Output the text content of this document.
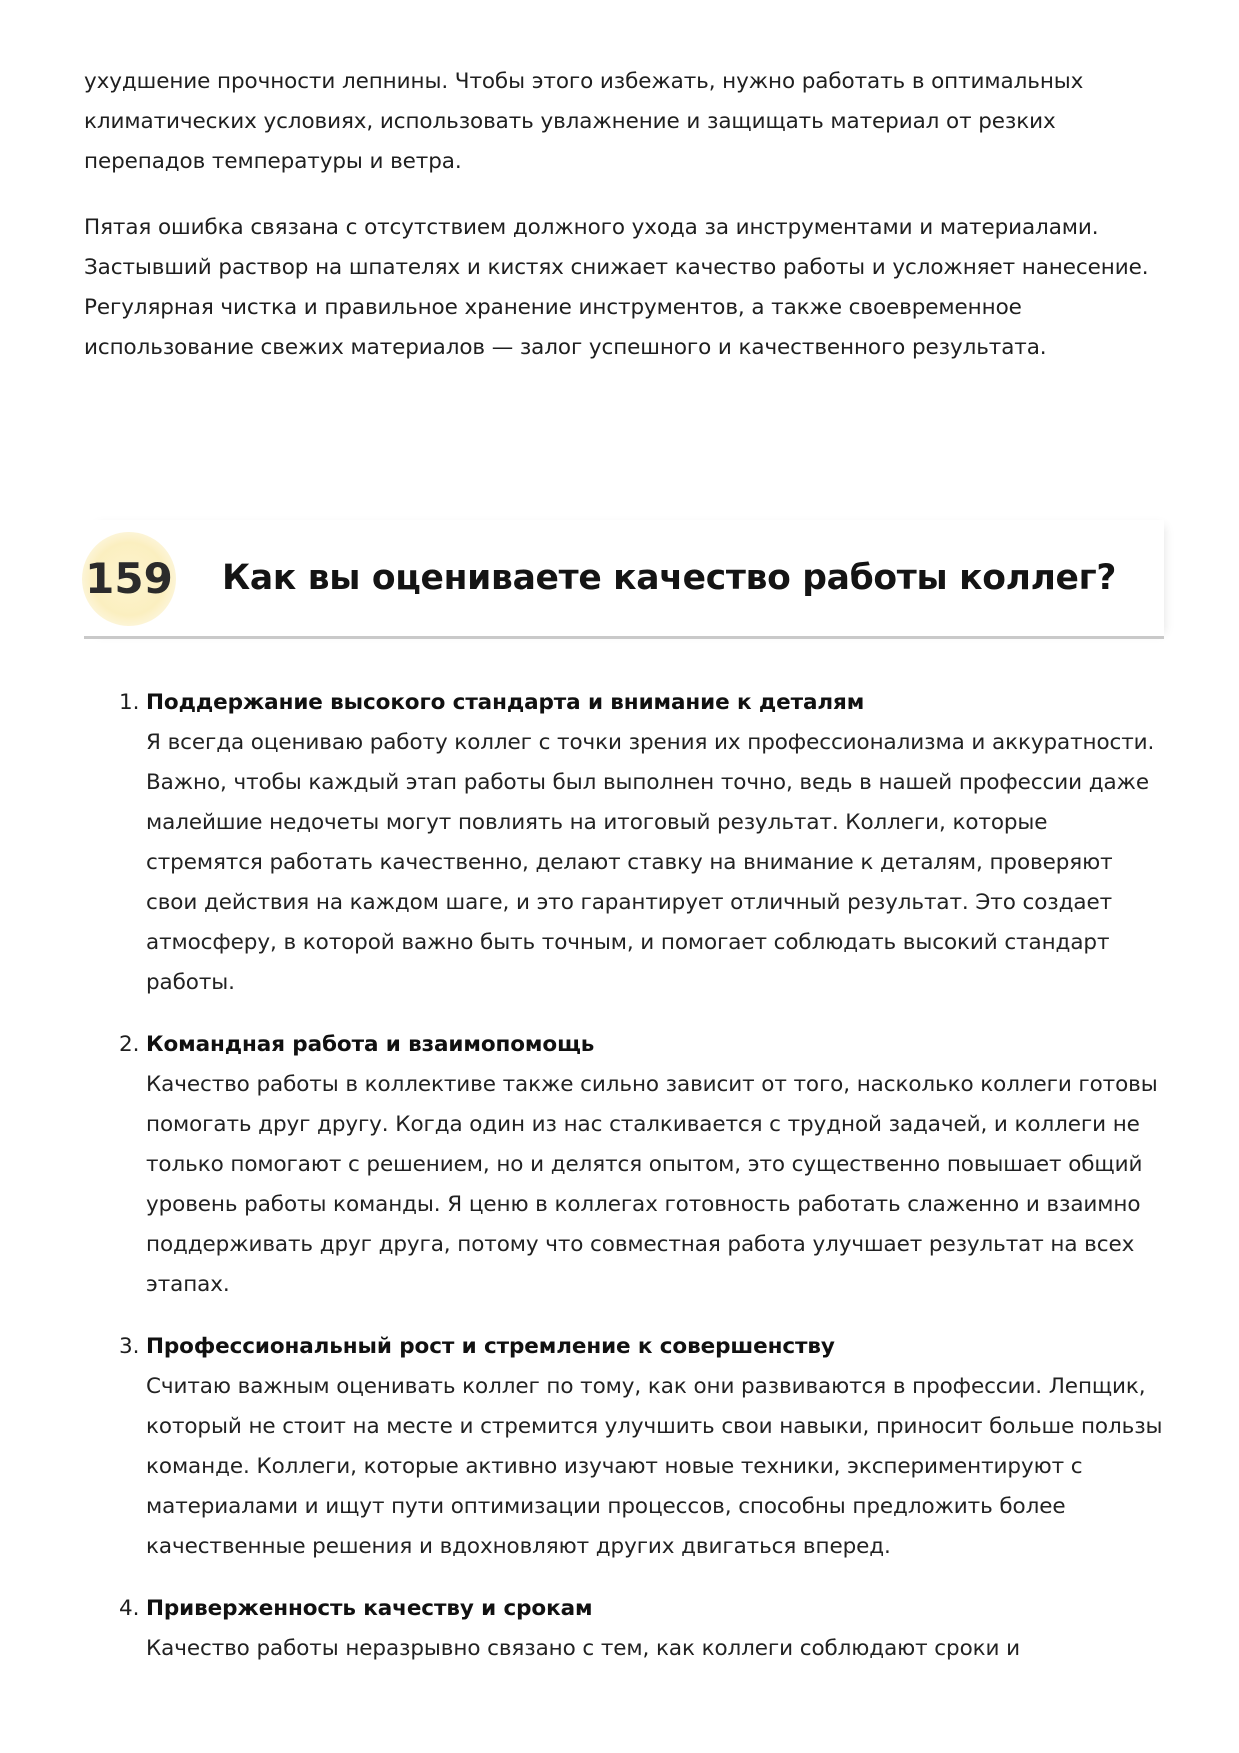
ухудшение прочности лепнины. Чтобы этого избежать, нужно работать в оптимальных климатических условиях, использовать увлажнение и защищать материал от резких перепадов температуры и ветра.

Пятая ошибка связана с отсутствием должного ухода за инструментами и материалами. Застывший раствор на шпателях и кистях снижает качество работы и усложняет нанесение. Регулярная чистка и правильное хранение инструментов, а также своевременное использование свежих материалов — залог успешного и качественного результата.

159 Как вы оцениваете качество работы коллег?
1. Поддержание высокого стандарта и внимание к деталям
Я всегда оцениваю работу коллег с точки зрения их профессионализма и аккуратности. Важно, чтобы каждый этап работы был выполнен точно, ведь в нашей профессии даже малейшие недочеты могут повлиять на итоговый результат. Коллеги, которые стремятся работать качественно, делают ставку на внимание к деталям, проверяют свои действия на каждом шаге, и это гарантирует отличный результат. Это создает атмосферу, в которой важно быть точным, и помогает соблюдать высокий стандарт работы.
2. Командная работа и взаимопомощь
Качество работы в коллективе также сильно зависит от того, насколько коллеги готовы помогать друг другу. Когда один из нас сталкивается с трудной задачей, и коллеги не только помогают с решением, но и делятся опытом, это существенно повышает общий уровень работы команды. Я ценю в коллегах готовность работать слаженно и взаимно поддерживать друг друга, потому что совместная работа улучшает результат на всех этапах.
3. Профессиональный рост и стремление к совершенству
Считаю важным оценивать коллег по тому, как они развиваются в профессии. Лепщик, который не стоит на месте и стремится улучшить свои навыки, приносит больше пользы команде. Коллеги, которые активно изучают новые техники, экспериментируют с материалами и ищут пути оптимизации процессов, способны предложить более качественные решения и вдохновляют других двигаться вперед.
4. Приверженность качеству и срокам
Качество работы неразрывно связано с тем, как коллеги соблюдают сроки и
